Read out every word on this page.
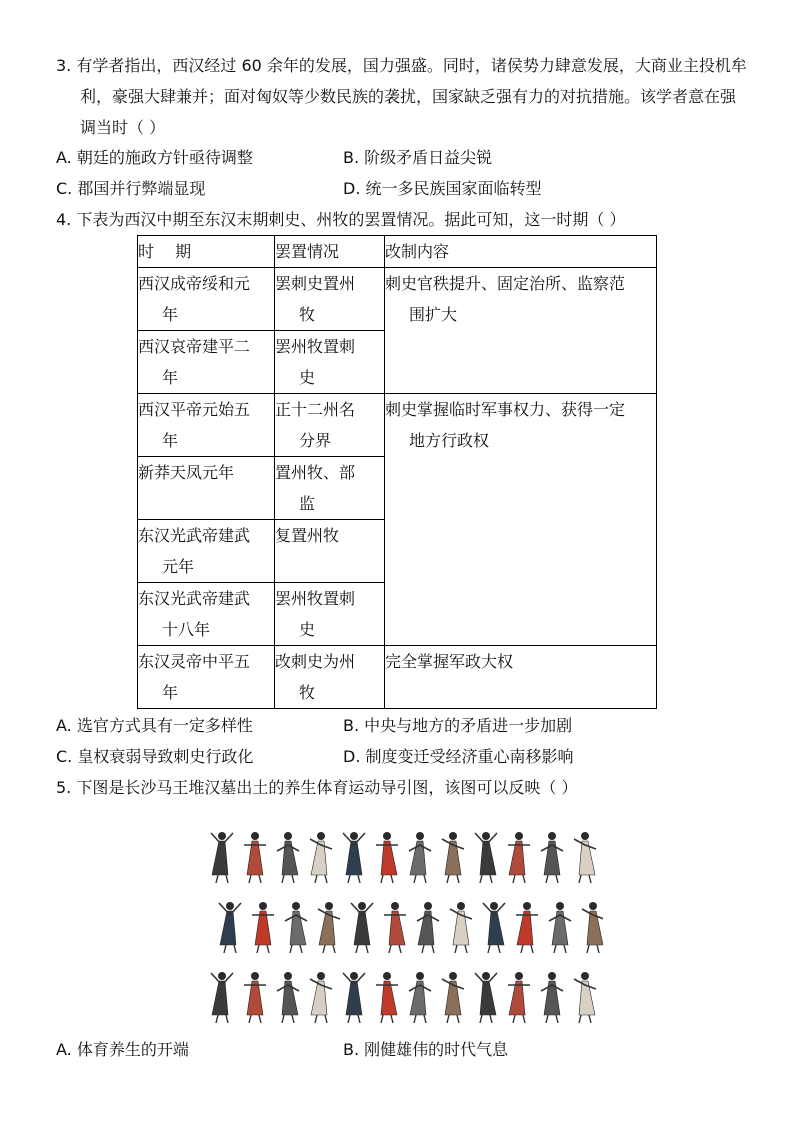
3. 有学者指出，西汉经过 60 余年的发展，国力强盛。同时，诸侯势力肆意发展，大商业主投机牟
利，豪强大肆兼并；面对匈奴等少数民族的袭扰，国家缺乏强有力的对抗措施。该学者意在强
调当时（ ）
A. 朝廷的施政方针亟待调整	B. 阶级矛盾日益尖锐
C. 郡国并行弊端显现	D. 统一多民族国家面临转型
4. 下表为西汉中期至东汉末期刺史、州牧的罢置情况。据此可知，这一时期（ ）
时　 期	罢置情况	改制内容
西汉成帝绥和元
年	罢刺史置州
牧	刺史官秩提升、固定治所、监察范
围扩大

西汉哀帝建平二
年	罢州牧置刺
史	

西汉平帝元始五
年	正十二州名
分界	刺史掌握临时军事权力、获得一定
地方行政权

新莽天凤元年	置州牧、部
监	

东汉光武帝建武
元年	复置州牧	

东汉光武帝建武
十八年	罢州牧置刺
史	

东汉灵帝中平五
年	改刺史为州
牧	完全掌握军政大权
A. 选官方式具有一定多样性	B. 中央与地方的矛盾进一步加剧
C. 皇权衰弱导致刺史行政化	D. 制度变迁受经济重心南移影响
5. 下图是长沙马王堆汉墓出土的养生体育运动导引图，该图可以反映（ ）
A. 体育养生的开端	B. 刚健雄伟的时代气息
